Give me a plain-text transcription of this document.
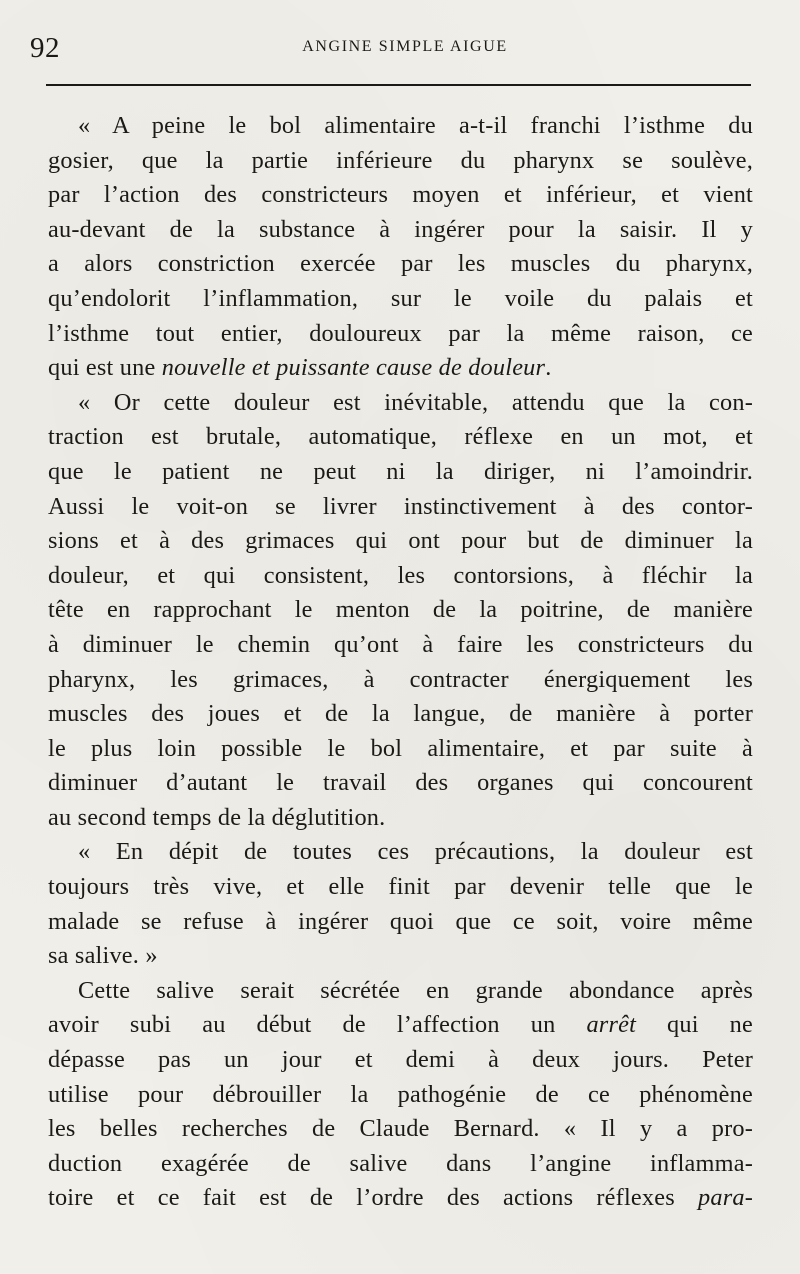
92	ANGINE SIMPLE AIGUE
« A peine le bol alimentaire a-t-il franchi l’isthme du
gosier, que la partie inférieure du pharynx se soulève,
par l’action des constricteurs moyen et inférieur, et vient
au-devant de la substance à ingérer pour la saisir. Il y
a alors constriction exercée par les muscles du pharynx,
qu’endolorit l’inflammation, sur le voile du palais et
l’isthme tout entier, douloureux par la même raison, ce
qui est une nouvelle et puissante cause de douleur.
« Or cette douleur est inévitable, attendu que la con-
traction est brutale, automatique, réflexe en un mot, et
que le patient ne peut ni la diriger, ni l’amoindrir.
Aussi le voit-on se livrer instinctivement à des contor-
sions et à des grimaces qui ont pour but de diminuer la
douleur, et qui consistent, les contorsions, à fléchir la
tête en rapprochant le menton de la poitrine, de manière
à diminuer le chemin qu’ont à faire les constricteurs du
pharynx, les grimaces, à contracter énergiquement les
muscles des joues et de la langue, de manière à porter
le plus loin possible le bol alimentaire, et par suite à
diminuer d’autant le travail des organes qui concourent
au second temps de la déglutition.
« En dépit de toutes ces précautions, la douleur est
toujours très vive, et elle finit par devenir telle que le
malade se refuse à ingérer quoi que ce soit, voire même
sa salive. »
Cette salive serait sécrétée en grande abondance après
avoir subi au début de l’affection un arrêt qui ne
dépasse pas un jour et demi à deux jours. Peter
utilise pour débrouiller la pathogénie de ce phénomène
les belles recherches de Claude Bernard. « Il y a pro-
duction exagérée de salive dans l’angine inflamma-
toire et ce fait est de l’ordre des actions réflexes para-
